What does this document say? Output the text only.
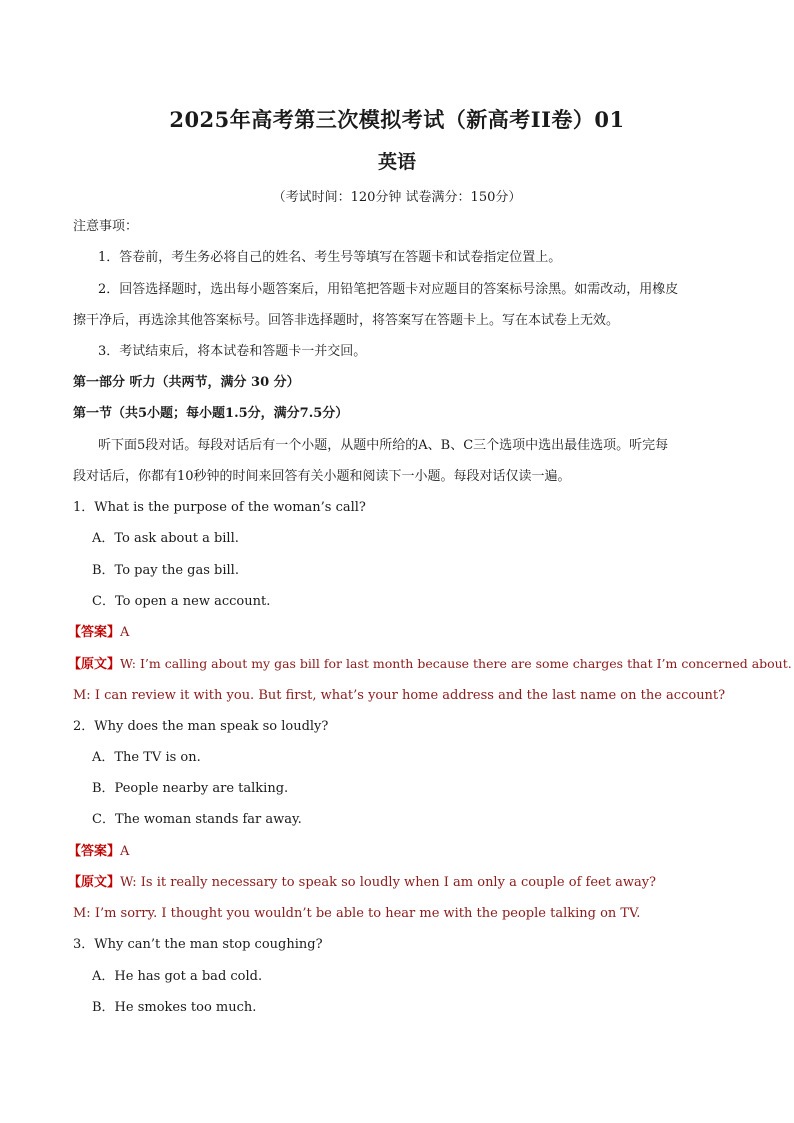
2025年高考第三次模拟考试（新高考II卷）01
英语
（考试时间：120分钟 试卷满分：150分）
注意事项：
1．答卷前，考生务必将自己的姓名、考生号等填写在答题卡和试卷指定位置上。
2．回答选择题时，选出每小题答案后，用铅笔把答题卡对应题目的答案标号涂黑。如需改动，用橡皮
擦干净后，再选涂其他答案标号。回答非选择题时，将答案写在答题卡上。写在本试卷上无效。
3．考试结束后，将本试卷和答题卡一并交回。
第一部分 听力（共两节，满分 30 分）
第一节（共5小题；每小题1.5分，满分7.5分）
听下面5段对话。每段对话后有一个小题，从题中所给的A、B、C三个选项中选出最佳选项。听完每
段对话后，你都有10秒钟的时间来回答有关小题和阅读下一小题。每段对话仅读一遍。
1．What is the purpose of the woman’s call?
A．To ask about a bill.
B．To pay the gas bill.
C．To open a new account.
【答案】A
【原文】W: I’m calling about my gas bill for last month because there are some charges that I’m concerned about.
M: I can review it with you. But first, what’s your home address and the last name on the account?
2．Why does the man speak so loudly?
A．The TV is on.
B．People nearby are talking.
C．The woman stands far away.
【答案】A
【原文】W: Is it really necessary to speak so loudly when I am only a couple of feet away?
M: I’m sorry. I thought you wouldn’t be able to hear me with the people talking on TV.
3．Why can’t the man stop coughing?
A．He has got a bad cold.
B．He smokes too much.
